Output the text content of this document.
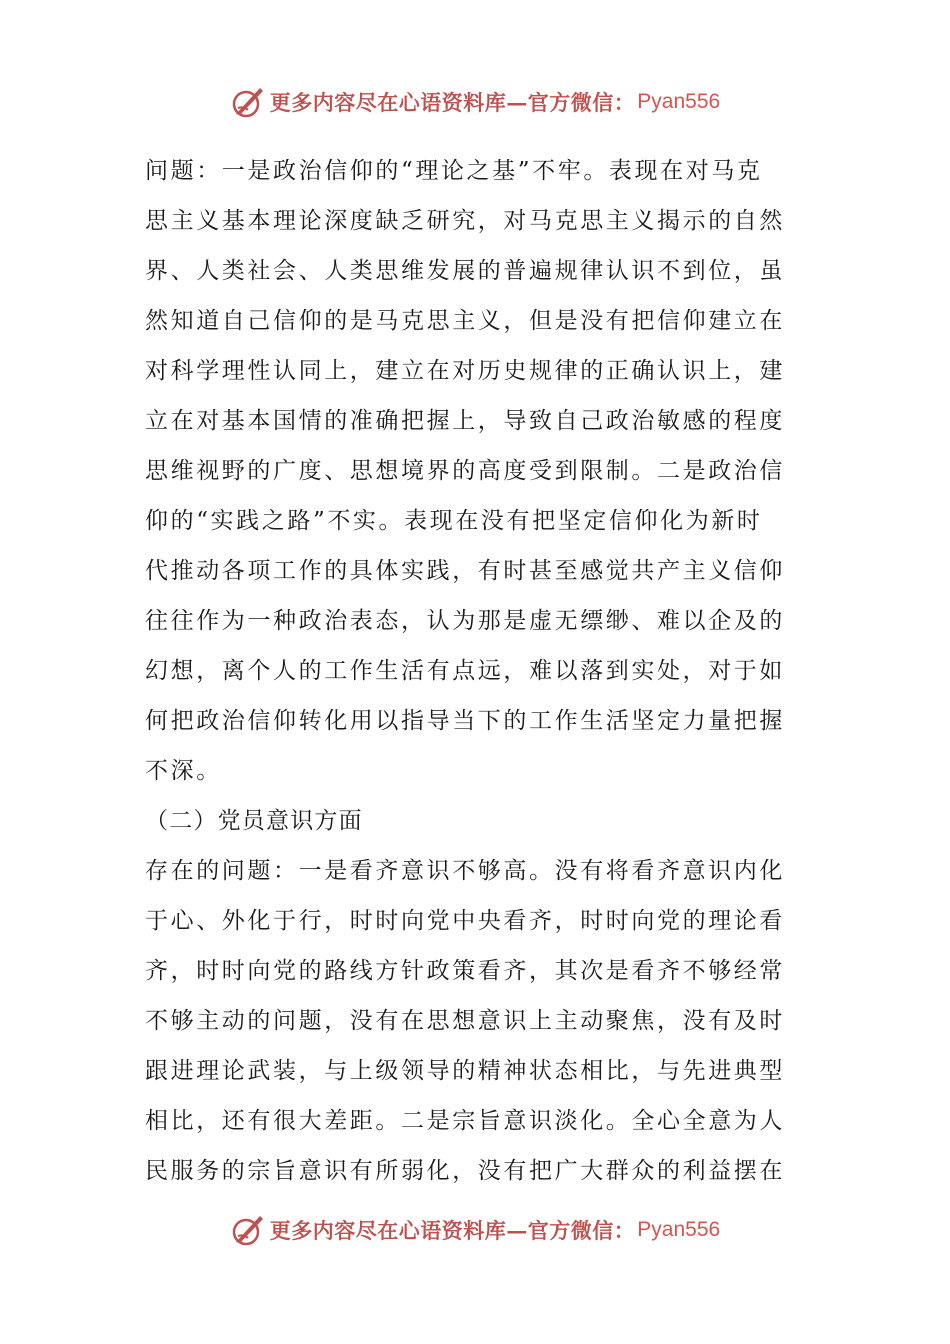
更多内容尽在心语资料库—官方微信： Pyan556
问题：一是政治信仰的“理论之基”不牢。表现在对马克
思主义基本理论深度缺乏研究，对马克思主义揭示的自然
界、人类社会、人类思维发展的普遍规律认识不到位，虽
然知道自己信仰的是马克思主义，但是没有把信仰建立在
对科学理性认同上，建立在对历史规律的正确认识上，建
立在对基本国情的准确把握上，导致自己政治敏感的程度
思维视野的广度、思想境界的高度受到限制。二是政治信
仰的“实践之路”不实。表现在没有把坚定信仰化为新时
代推动各项工作的具体实践，有时甚至感觉共产主义信仰
往往作为一种政治表态，认为那是虚无缥缈、难以企及的
幻想，离个人的工作生活有点远，难以落到实处，对于如
何把政治信仰转化用以指导当下的工作生活坚定力量把握
不深。
（二）党员意识方面
存在的问题：一是看齐意识不够高。没有将看齐意识内化
于心、外化于行，时时向党中央看齐，时时向党的理论看
齐，时时向党的路线方针政策看齐，其次是看齐不够经常
不够主动的问题，没有在思想意识上主动聚焦，没有及时
跟进理论武装，与上级领导的精神状态相比，与先进典型
相比，还有很大差距。二是宗旨意识淡化。全心全意为人
民服务的宗旨意识有所弱化，没有把广大群众的利益摆在
更多内容尽在心语资料库—官方微信： Pyan556
